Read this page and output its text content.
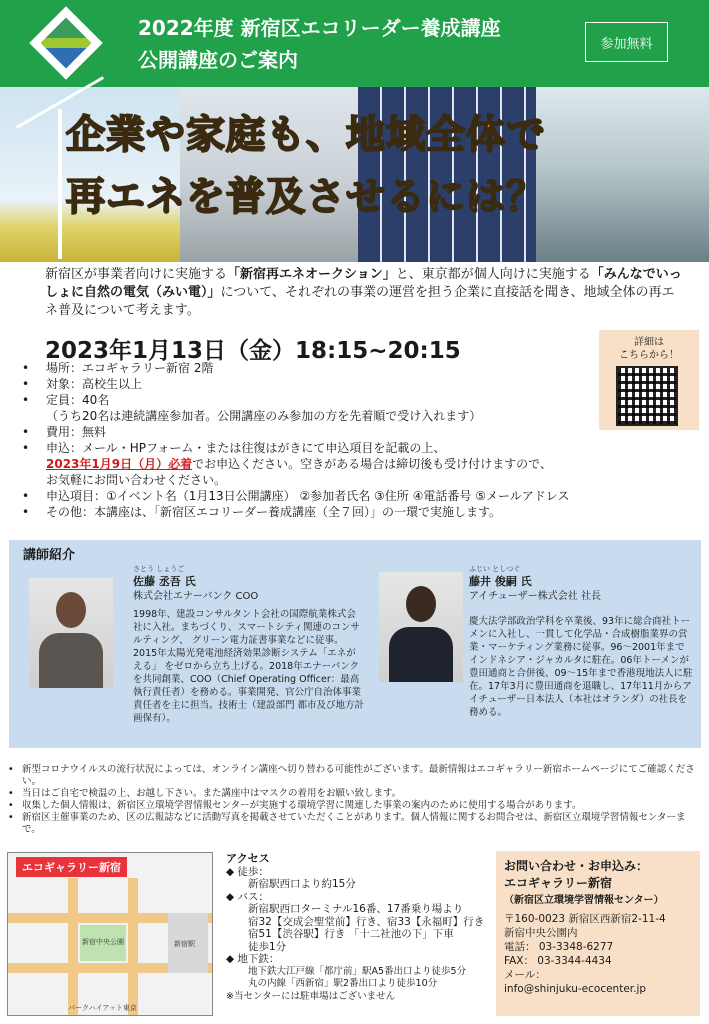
2022年度 新宿区エコリーダー養成講座
公開講座のご案内
参加無料
企業や家庭も、地域全体で
再エネを普及させるには？
新宿区が事業者向けに実施する「新宿再エネオークション」と、東京都が個人向けに実施する「みんなでいっしょに自然の電気（みい電）」について、それぞれの事業の運営を担う企業に直接話を聞き、地域全体の再エネ普及について考えます。
2023年1月13日（金）18:15~20:15	詳細は
こちらから！
• 場所：エコギャラリー新宿 2階
• 対象：高校生以上
• 定員：40名
（うち20名は連続講座参加者。公開講座のみ参加の方を先着順で受け入れます）
• 費用：無料
• 申込：メール・HPフォーム・または往復はがきにて申込項目を記載の上、
2023年1月9日（月）必着でお申込ください。空きがある場合は締切後も受け付けますので、
お気軽にお問い合わせください。
• 申込項目：①イベント名（1月13日公開講座） ②参加者氏名 ③住所 ④電話番号 ⑤メールアドレス
• その他：本講座は、「新宿区エコリーダー養成講座（全７回）」の一環で実施します。
講師紹介
さとう しょうご
佐藤 丞吾 氏
株式会社エナーバンク COO
1998年、建設コンサルタント会社の国際航業株式会社に入社。まちづくり、スマートシティ関連のコンサルティング、 グリーン電力証書事業などに従事。2015年太陽光発電池経済効果診断システム「エネがえる」 をゼロから立ち上げる。2018年エナーバンクを共同創業、COO（Chief Operating Officer：最高執行責任者）を務める。事業開発、官公庁自治体事業責任者を主に担当。技術士（建設部門 都市及び地方計画保有）。
ふじい としつぐ
藤井 俊嗣 氏
アイチューザー株式会社 社長
慶大法学部政治学科を卒業後、93年に総合商社トーメンに入社し、一貫して化学品・合成樹脂業界の営業・マーケティング業務に従事。96～2001年までインドネシア・ジャカルタに駐在。06年トーメンが豊田通商と合併後、09～15年まで香港現地法人に駐在。17年3月に豊田通商を退職し、17年11月からアイチューザー日本法人（本社はオランダ）の社長を務める。
• 新型コロナウイルスの流行状況によっては、オンライン講座へ切り替わる可能性がございます。最新情報はエコギャラリー新宿ホームページにてご確認ください。
• 当日はご自宅で検温の上、お越し下さい。また講座中はマスクの着用をお願い致します。
• 収集した個人情報は、新宿区立環境学習情報センターが実施する環境学習に関連した事業の案内のために使用する場合があります。
• 新宿区主催事業のため、区の広報誌などに活動写真を掲載させていただくことがあります。個人情報に関するお問合せは、新宿区立環境学習情報センターまで。
エコギャラリー新宿
新宿中央公園	新宿駅
パークハイアット東京
アクセス
◆ 徒歩：
新宿駅西口より約15分
◆ バス：
新宿駅西口ターミナル16番、17番乗り場より
宿32【交成会聖堂前】行き、宿33【永福町】行き
宿51【渋谷駅】行き 「十二社池の下」下車
徒歩1分
◆ 地下鉄：
地下鉄大江戸線「都庁前」駅A5番出口より徒歩5分
丸の内線「西新宿」駅2番出口より徒歩10分
※当センターには駐車場はございません
お問い合わせ・お申込み：
エコギャラリー新宿
（新宿区立環境学習情報センター）

〒160-0023 新宿区西新宿2-11-4

新宿中央公園内

電話： 03-3348-6277

FAX： 03-3344-4434

メール：

info@shinjuku-ecocenter.jp
